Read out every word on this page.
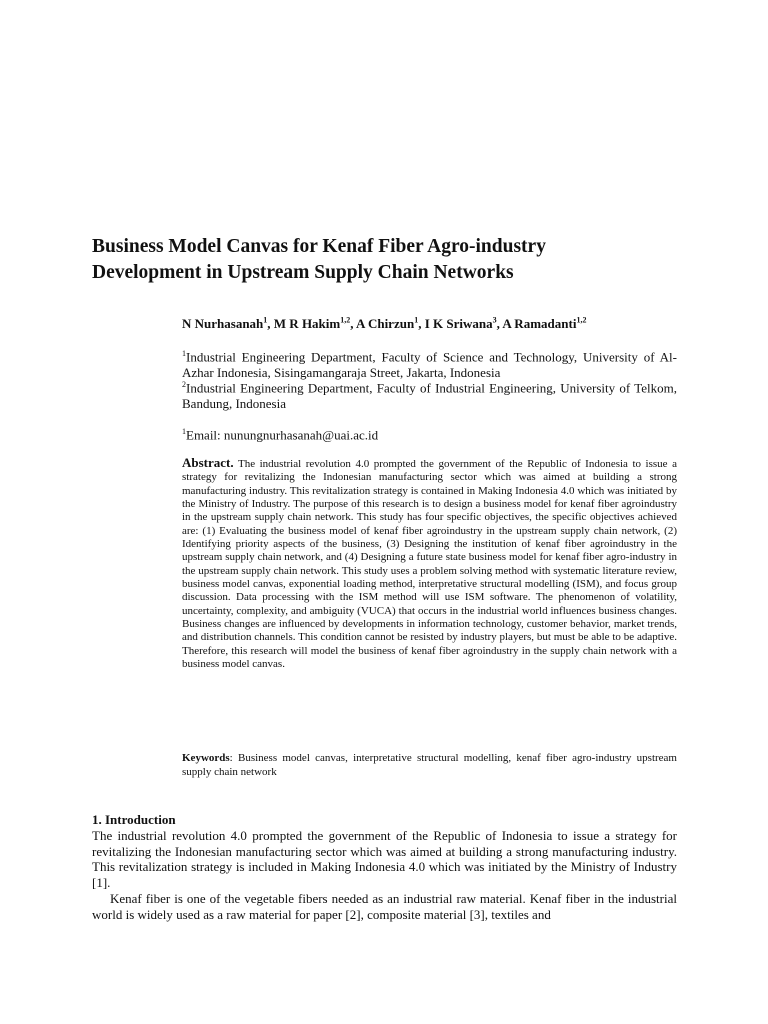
Business Model Canvas for Kenaf Fiber Agro-industry
Development in Upstream Supply Chain Networks

N Nurhasanah$^1$, M R Hakim$^{1,2}$, A Chirzun$^1$, I K Sriwana$^3$, A Ramadanti$^{1,2}$

$^1$Industrial Engineering Department, Faculty of Science and Technology, University of Al-Azhar Indonesia, Sisingamangaraja Street, Jakarta, Indonesia

$^2$Industrial Engineering Department, Faculty of Industrial Engineering, University of Telkom, Bandung, Indonesia

$^1$Email: nunungnurhasanah@uai.ac.id

Abstract. The industrial revolution 4.0 prompted the government of the Republic of Indonesia to issue a strategy for revitalizing the Indonesian manufacturing sector which was aimed at building a strong manufacturing industry. This revitalization strategy is contained in Making Indonesia 4.0 which was initiated by the Ministry of Industry. The purpose of this research is to design a business model for kenaf fiber agroindustry in the upstream supply chain network. This study has four specific objectives, the specific objectives achieved are: (1) Evaluating the business model of kenaf fiber agroindustry in the upstream supply chain network, (2) Identifying priority aspects of the business, (3) Designing the institution of kenaf fiber agroindustry in the upstream supply chain network, and (4) Designing a future state business model for kenaf fiber agro-industry in the upstream supply chain network. This study uses a problem solving method with systematic literature review, business model canvas, exponential loading method, interpretative structural modelling (ISM), and focus group discussion. Data processing with the ISM method will use ISM software. The phenomenon of volatility, uncertainty, complexity, and ambiguity (VUCA) that occurs in the industrial world influences business changes. Business changes are influenced by developments in information technology, customer behavior, market trends, and distribution channels. This condition cannot be resisted by industry players, but must be able to be adaptive. Therefore, this research will model the business of kenaf fiber agroindustry in the supply chain network with a business model canvas.

Keywords: Business model canvas, interpretative structural modelling, kenaf fiber agro-industry upstream supply chain network

1. Introduction

The industrial revolution 4.0 prompted the government of the Republic of Indonesia to issue a strategy for revitalizing the Indonesian manufacturing sector which was aimed at building a strong manufacturing industry. This revitalization strategy is included in Making Indonesia 4.0 which was initiated by the Ministry of Industry [1].

Kenaf fiber is one of the vegetable fibers needed as an industrial raw material. Kenaf fiber in the industrial world is widely used as a raw material for paper [2], composite material [3], textiles and
